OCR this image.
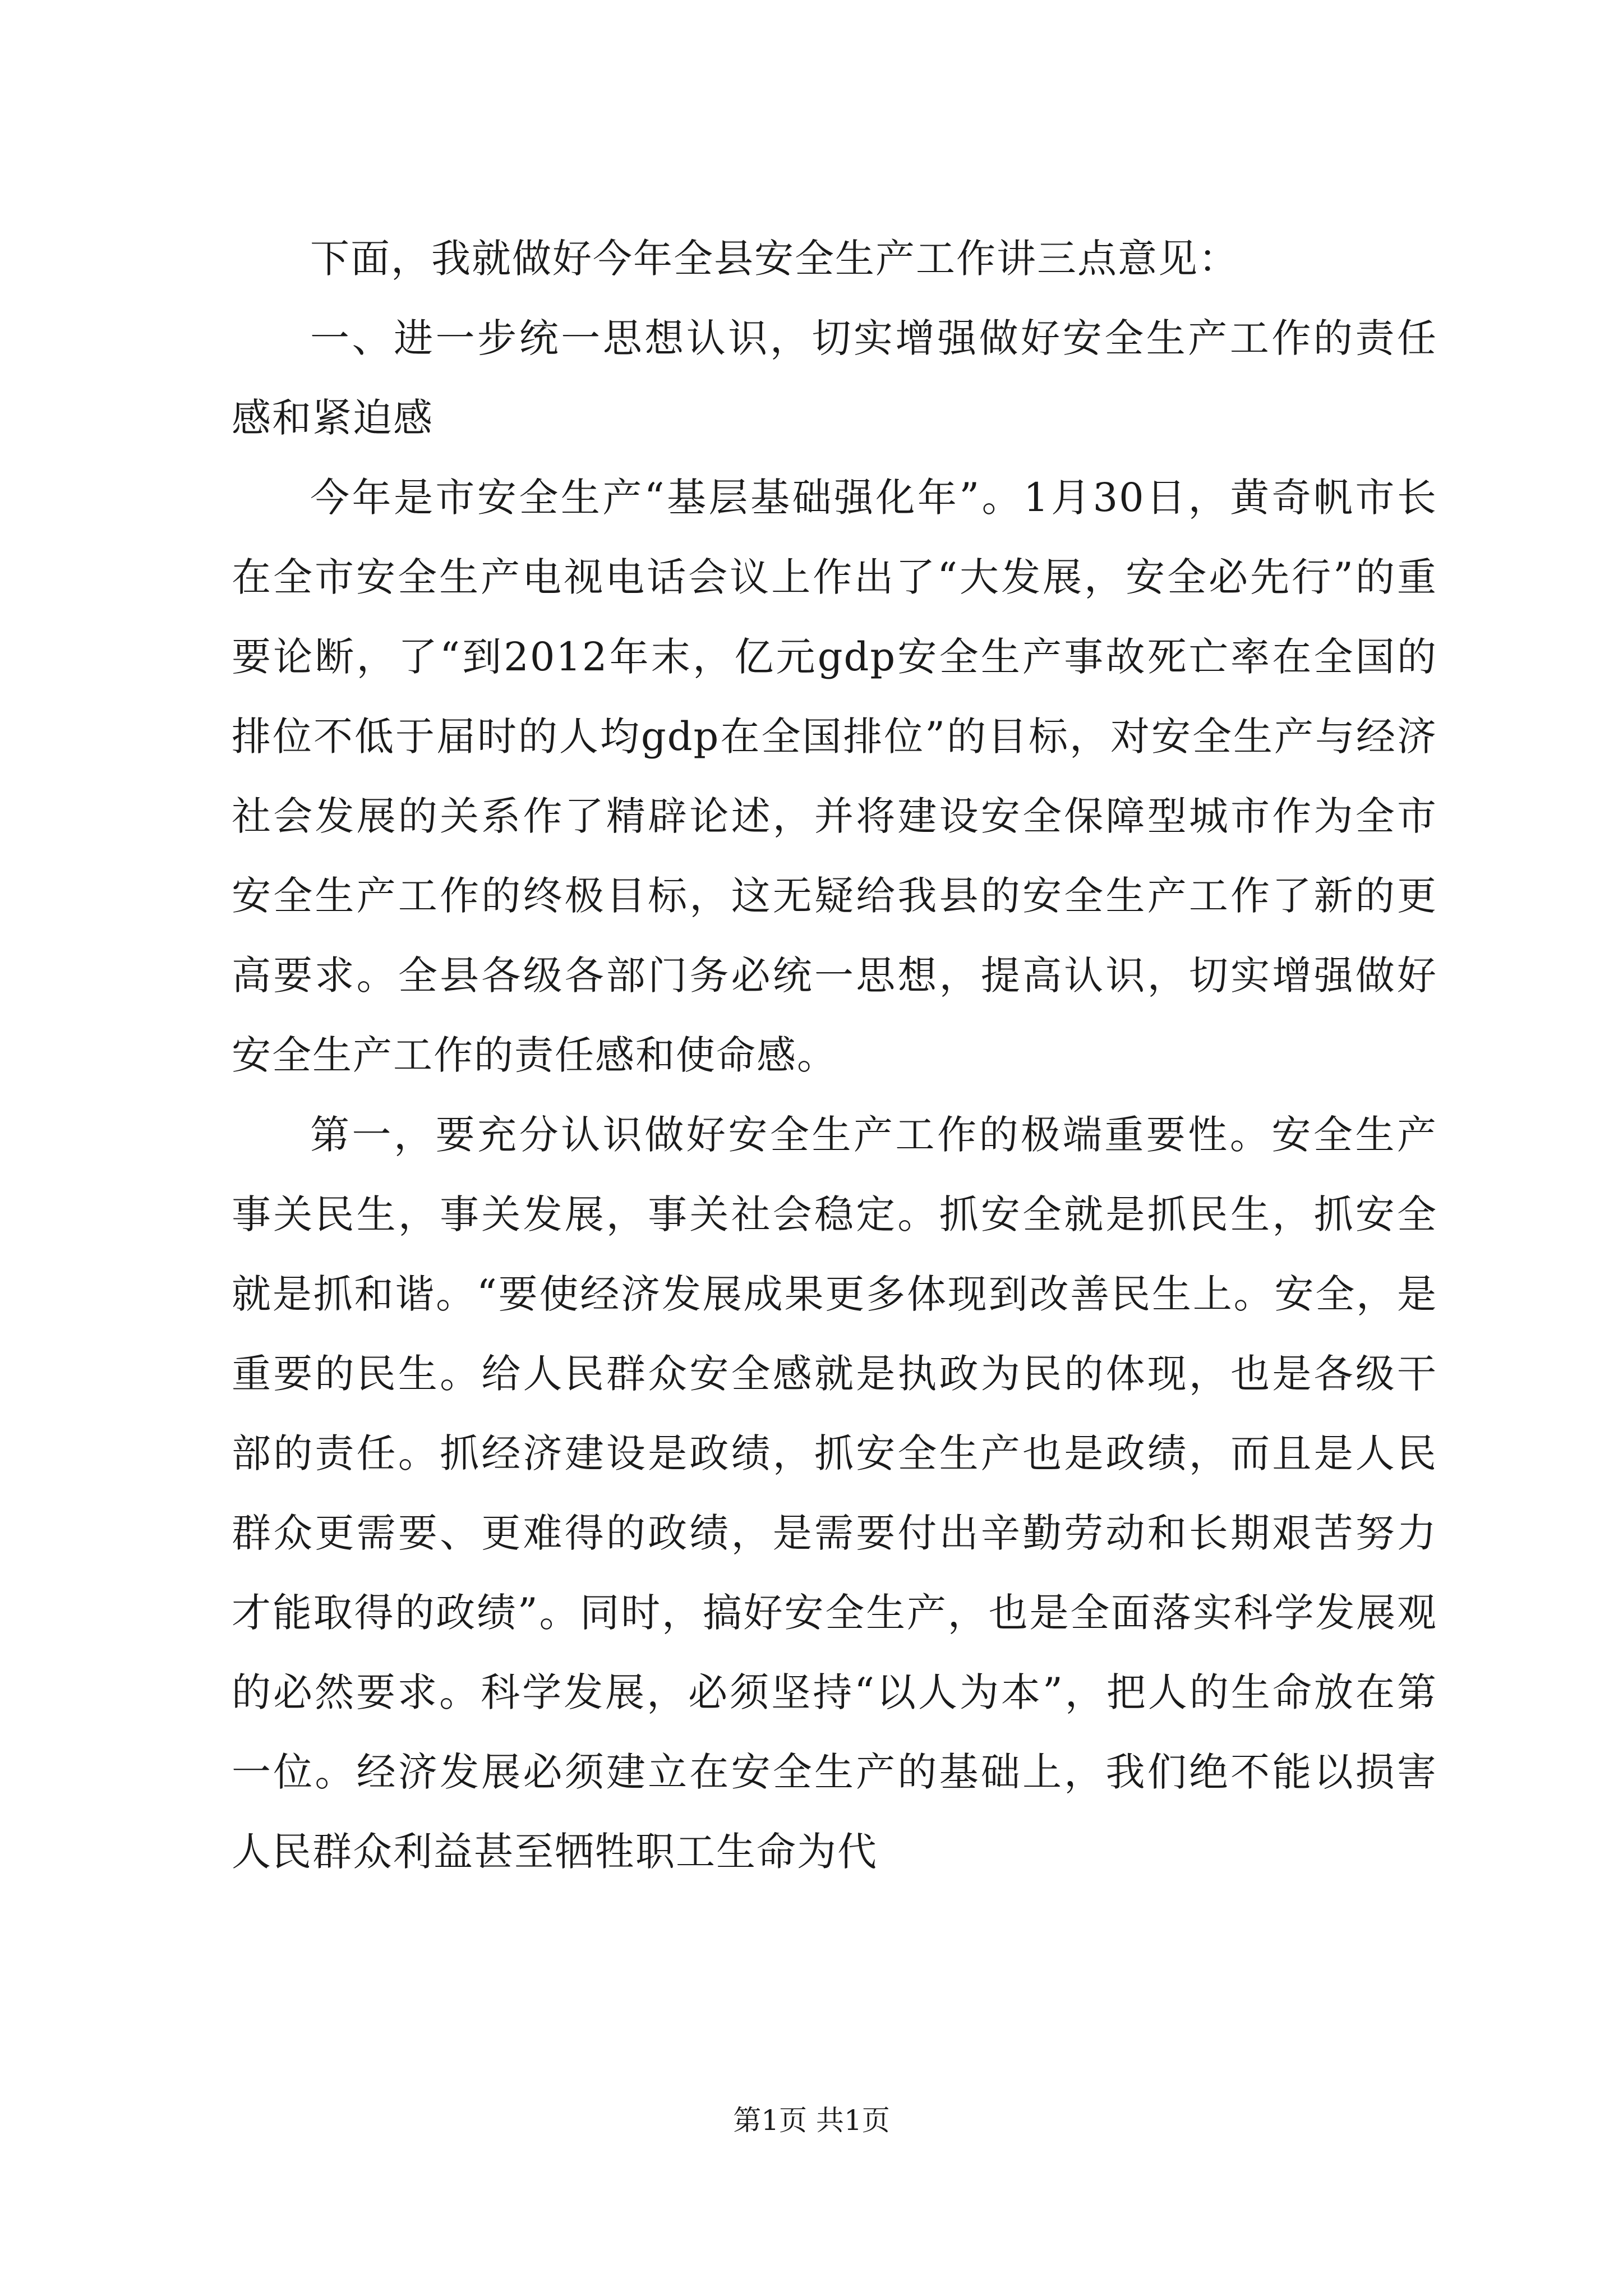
下面，我就做好今年全县安全生产工作讲三点意见：

一、进一步统一思想认识，切实增强做好安全生产工作的责任感和紧迫感

今年是市安全生产“基层基础强化年”。1月30日，黄奇帆市长在全市安全生产电视电话会议上作出了“大发展，安全必先行”的重要论断，了“到2012年末，亿元gdp安全生产事故死亡率在全国的排位不低于届时的人均gdp在全国排位”的目标，对安全生产与经济社会发展的关系作了精辟论述，并将建设安全保障型城市作为全市安全生产工作的终极目标，这无疑给我县的安全生产工作了新的更高要求。全县各级各部门务必统一思想，提高认识，切实增强做好安全生产工作的责任感和使命感。

第一，要充分认识做好安全生产工作的极端重要性。安全生产事关民生，事关发展，事关社会稳定。抓安全就是抓民生，抓安全就是抓和谐。“要使经济发展成果更多体现到改善民生上。安全，是重要的民生。给人民群众安全感就是执政为民的体现，也是各级干部的责任。抓经济建设是政绩，抓安全生产也是政绩，而且是人民群众更需要、更难得的政绩，是需要付出辛勤劳动和长期艰苦努力才能取得的政绩”。同时，搞好安全生产，也是全面落实科学发展观的必然要求。科学发展，必须坚持“以人为本”，把人的生命放在第一位。经济发展必须建立在安全生产的基础上，我们绝不能以损害人民群众利益甚至牺牲职工生命为代

第1页 共1页
